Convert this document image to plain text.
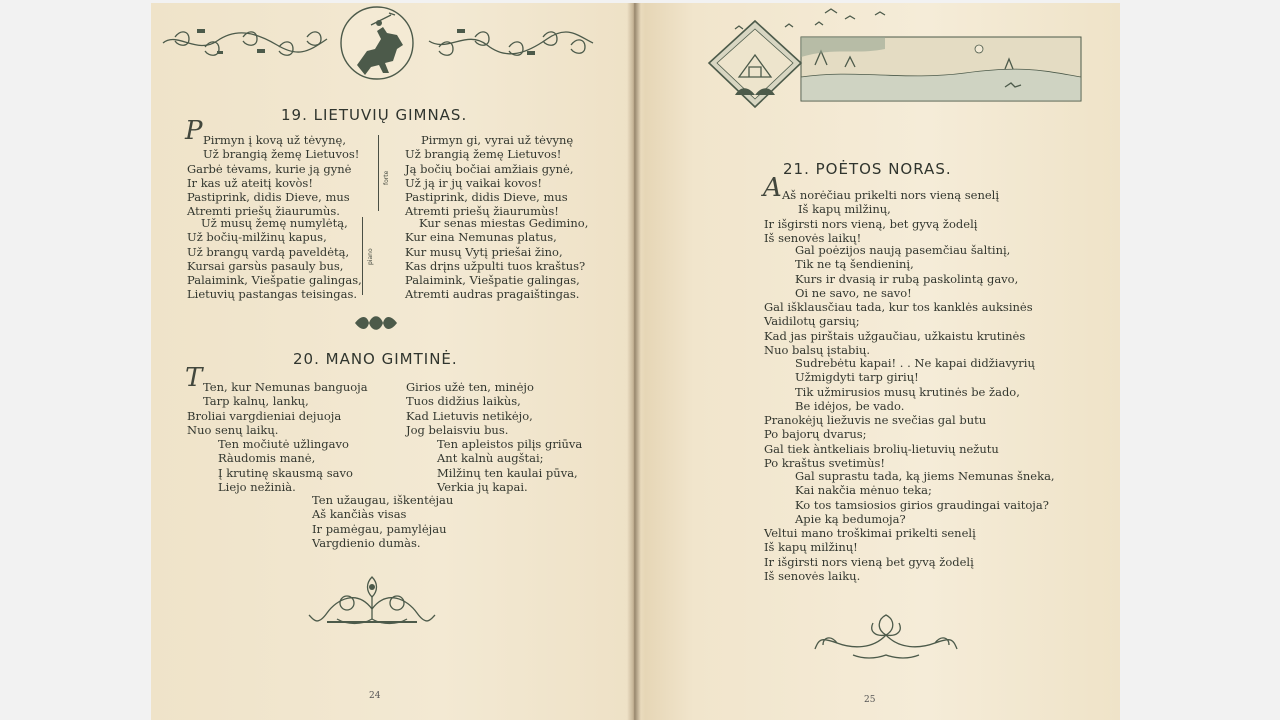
19. LIETUVIŲ GIMNAS.
P Pirmyn į kovą už tėvynę,
Už brangią žemę Lietuvos!
Garbė tėvams, kurie ją gynė
Ir kas už ateitį kovòs!
Pastiprink, didis Dieve, mus
Atremti priešų žiaurumùs.
Už musų žemę numylėtą,
Už bočių-milžinų kapus,
Už brangų vardą paveldėtą,
Kursai garsùs pasauly bus,
Palaimink, Viešpatie galingas,
Lietuvių pastangas teisingas.
forte
piano
Pirmyn gi, vyrai už tėvynę
Už brangią žemę Lietuvos!
Ją bočių bočiai amžiais gynė,
Už ją ir jų vaikai kovos!
Pastiprink, didis Dieve, mus
Atremti priešų žiaurumùs!
Kur senas miestas Gedimino,
Kur eina Nemunas platus,
Kur musų Vytį priešai žino,
Kas drįns užpulti tuos kraštus?
Palaimink, Viešpatie galingas,
Atremti audras pragaištingas.
20. MANO GIMTINĖ.
T Ten, kur Nemunas banguoja
Tarp kalnų, lankų,
Broliai vargdieniai dejuoja
Nuo senų laikų.
Ten močiutė užlingavo
Ràudomis manė,
Į krutinę skausmą savo
Liejo nežinià.
Girios užė ten, minėjo
Tuos didžius laikùs,
Kad Lietuvis netikėjo,
Jog belaisviu bus.
Ten apleistos pilįs griūva
Ant kalnù augštai;
Milžinų ten kaulai pūva,
Verkia jų kapai.
Ten užaugau, iškentėjau
Aš kančiàs visas
Ir pamėgau, pamylėjau
Vargdienio dumàs.
24
21. POĖTOS NORAS.
A Aš norėčiau prikelti nors vieną senelį
Iš kapų milžinų,
Ir išgirsti nors vieną, bet gyvą žodelį
Iš senovės laikų!
Gal poėzijos naują pasemčiau šaltinį,
Tik ne tą šendieninį,
Kurs ir dvasią ir rubą paskolintą gavo,
Oi ne savo, ne savo!
Gal išklausčiau tada, kur tos kanklės auksinės
Vaidilotų garsių;
Kad jas pirštais užgaučiau, užkaistu krutinės
Nuo balsų įstabių.
Sudrebėtu kapai! . . Ne kapai didžiavyrių
Užmigdyti tarp girių!
Tik užmirusios musų krutinės be žado,
Be idėjos, be vado.
Pranokėjų liežuvis ne svečias gal butu
Po bajorų dvarus;
Gal tiek àntkeliais brolių-lietuvių nežutu
Po kraštus svetimùs!
Gal suprastu tada, ką jiems Nemunas šneka,
Kai nakčia mėnuo teka;
Ko tos tamsiosios girios graudingai vaitoja?
Apie ką bedumoja?
Veltui mano troškimai prikelti senelį
Iš kapų milžinų!
Ir išgirsti nors vieną bet gyvą žodelį
Iš senovės laikų.
25
